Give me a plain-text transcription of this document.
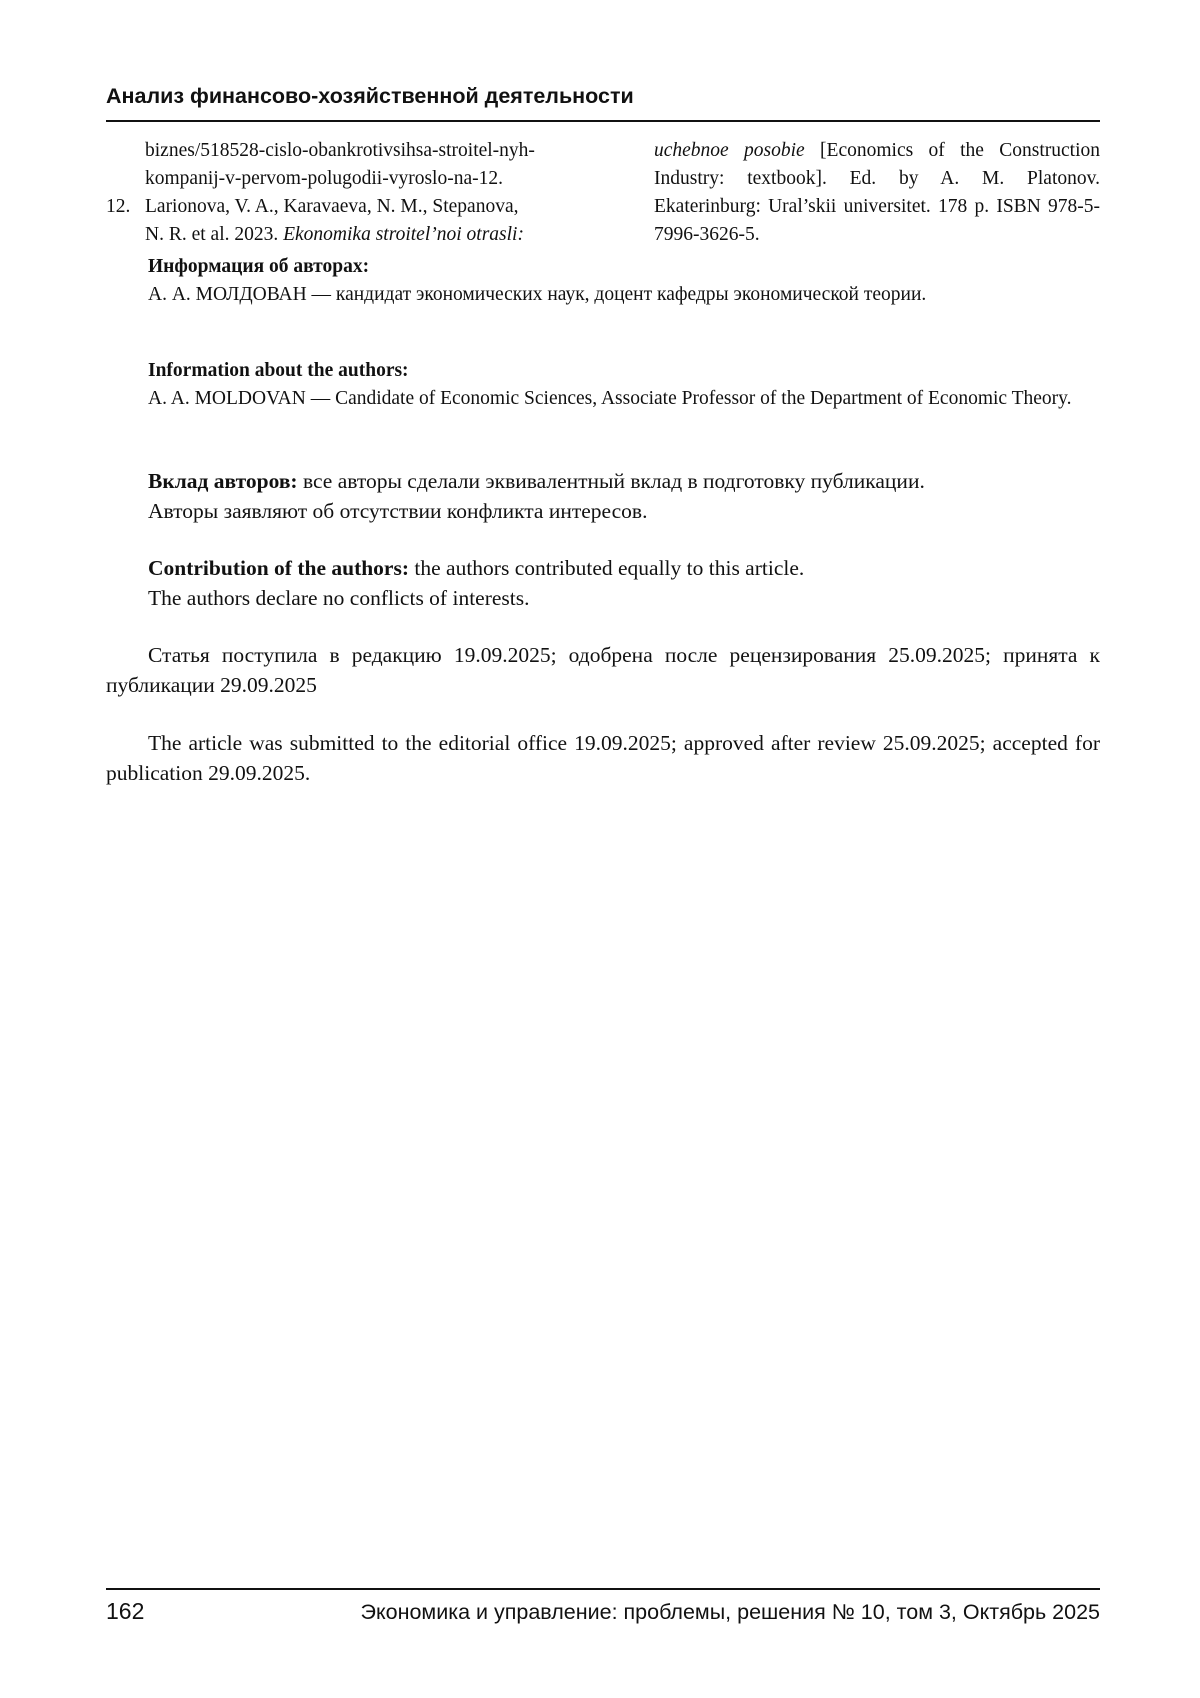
Анализ финансово-хозяйственной деятельности
biznes/518528-cislo-obankrotivsihsa-stroitel-nyh-
kompanij-v-pervom-polugodii-vyroslo-na-12.
12. Larionova, V. A., Karavaeva, N. M., Stepanova,
N. R. et al. 2023. Ekonomika stroitel’noi otrasli:
uchebnoe posobie [Economics of the Construction Industry: textbook]. Ed. by A. M. Platonov. Ekaterinburg: Ural’skii universitet. 178 p. ISBN 978-5-7996-3626-5.
Информация об авторах:
А. А. МОЛДОВАН — кандидат экономических наук, доцент кафедры экономической теории.
Information about the authors:
A. A. MOLDOVAN — Candidate of Economic Sciences, Associate Professor of the Department of Economic Theory.
Вклад авторов: все авторы сделали эквивалентный вклад в подготовку публикации.
Авторы заявляют об отсутствии конфликта интересов.
Contribution of the authors: the authors contributed equally to this article.
The authors declare no conflicts of interests.
Статья поступила в редакцию 19.09.2025; одобрена после рецензирования 25.09.2025; принята к публикации 29.09.2025
The article was submitted to the editorial office 19.09.2025; approved after review 25.09.2025; accepted for publication 29.09.2025.
162	Экономика и управление: проблемы, решения № 10, том 3, Октябрь 2025
